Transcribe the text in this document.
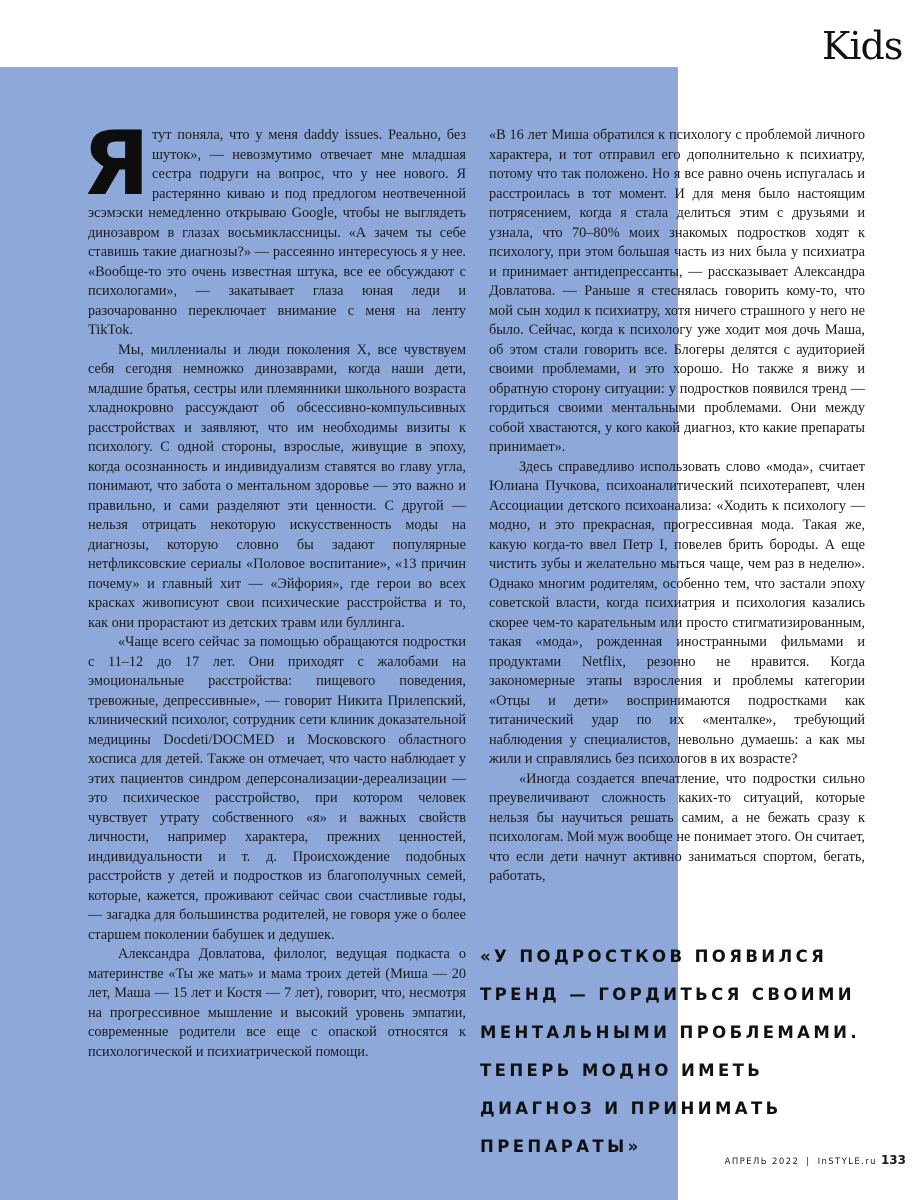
Kids

Ятут поняла, что у меня daddy issues. Реально, без шуток», — невозмутимо отвечает мне младшая сестра подруги на вопрос, что у нее нового. Я растерянно киваю и под предлогом неотвеченной эсэмэски немедленно открываю Google, чтобы не выглядеть динозавром в глазах восьмиклассницы. «А зачем ты себе ставишь такие диагнозы?» — рассеянно интересуюсь я у нее. «Вообще-то это очень известная штука, все ее обсуждают с психологами», — закатывает глаза юная леди и разочарованно переключает внимание с меня на ленту TikTok.

Мы, миллениалы и люди поколения X, все чувствуем себя сегодня немножко динозаврами, когда наши дети, младшие братья, сестры или племянники школьного возраста хладнокровно рассуждают об обсессивно-компульсивных расстройствах и заявляют, что им необходимы визиты к психологу. С одной стороны, взрослые, живущие в эпоху, когда осознанность и индивидуализм ставятся во главу угла, понимают, что забота о ментальном здоровье — это важно и правильно, и сами разделяют эти ценности. С другой — нельзя отрицать некоторую искусственность моды на диагнозы, которую словно бы задают популярные нетфликсовские сериалы «Половое воспитание», «13 причин почему» и главный хит — «Эйфория», где герои во всех красках живописуют свои психические расстройства и то, как они прорастают из детских травм или буллинга.

«Чаще всего сейчас за помощью обращаются подростки с 11–12 до 17 лет. Они приходят с жалобами на эмоциональные расстройства: пищевого поведения, тревожные, депрессивные», — говорит Никита Прилепский, клинический психолог, сотрудник сети клиник доказательной медицины Docdeti/DOCMED и Московского областного хосписа для детей. Также он отмечает, что часто наблюдает у этих пациентов синдром деперсонализации-дереализации — это психическое расстройство, при котором человек чувствует утрату собственного «я» и важных свойств личности, например характера, прежних ценностей, индивидуальности и т. д. Происхождение подобных расстройств у детей и подростков из благополучных семей, которые, кажется, проживают сейчас свои счастливые годы, — загадка для большинства родителей, не говоря уже о более старшем поколении бабушек и дедушек.

Александра Довлатова, филолог, ведущая подкаста о материнстве «Ты же мать» и мама троих детей (Миша — 20 лет, Маша — 15 лет и Костя — 7 лет), говорит, что, несмотря на прогрессивное мышление и высокий уровень эмпатии, современные родители все еще с опаской относятся к психологической и психиатрической помощи.

«В 16 лет Миша обратился к психологу с проблемой личного характера, и тот отправил его дополнительно к психиатру, потому что так положено. Но я все равно очень испугалась и расстроилась в тот момент. И для меня было настоящим потрясением, когда я стала делиться этим с друзьями и узнала, что 70–80% моих знакомых подростков ходят к психологу, при этом большая часть из них была у психиатра и принимает антидепрессанты, — рассказывает Александра Довлатова. — Раньше я стеснялась говорить кому-то, что мой сын ходил к психиатру, хотя ничего страшного у него не было. Сейчас, когда к психологу уже ходит моя дочь Маша, об этом стали говорить все. Блогеры делятся с аудиторией своими проблемами, и это хорошо. Но также я вижу и обратную сторону ситуации: у подростков появился тренд — гордиться своими ментальными проблемами. Они между собой хвастаются, у кого какой диагноз, кто какие препараты принимает».

Здесь справедливо использовать слово «мода», считает Юлиана Пучкова, психоаналитический психотерапевт, член Ассоциации детского психоанализа: «Ходить к психологу — модно, и это прекрасная, прогрессивная мода. Такая же, какую когда-то ввел Петр I, повелев брить бороды. А еще чистить зубы и желательно мыться чаще, чем раз в неделю». Однако многим родителям, особенно тем, что застали эпоху советской власти, когда психиатрия и психология казались скорее чем-то карательным или просто стигматизированным, такая «мода», рожденная иностранными фильмами и продуктами Netflix, резонно не нравится. Когда закономерные этапы взросления и проблемы категории «Отцы и дети» воспринимаются подростками как титанический удар по их «менталке», требующий наблюдения у специалистов, невольно думаешь: а как мы жили и справлялись без психологов в их возрасте?

«Иногда создается впечатление, что подростки сильно преувеличивают сложность каких-то ситуаций, которые нельзя бы научиться решать самим, а не бежать сразу к психологам. Мой муж вообще не понимает этого. Он считает, что если дети начнут активно заниматься спортом, бегать, работать,

«У ПОДРОСТКОВ ПОЯВИЛСЯ ТРЕНД — ГОРДИТЬСЯ СВОИМИ МЕНТАЛЬНЫМИ ПРОБЛЕМАМИ. ТЕПЕРЬ МОДНО ИМЕТЬ ДИАГНОЗ И ПРИНИМАТЬ ПРЕПАРАТЫ»
АПРЕЛЬ 2022 | InSTYLE.ru 133
